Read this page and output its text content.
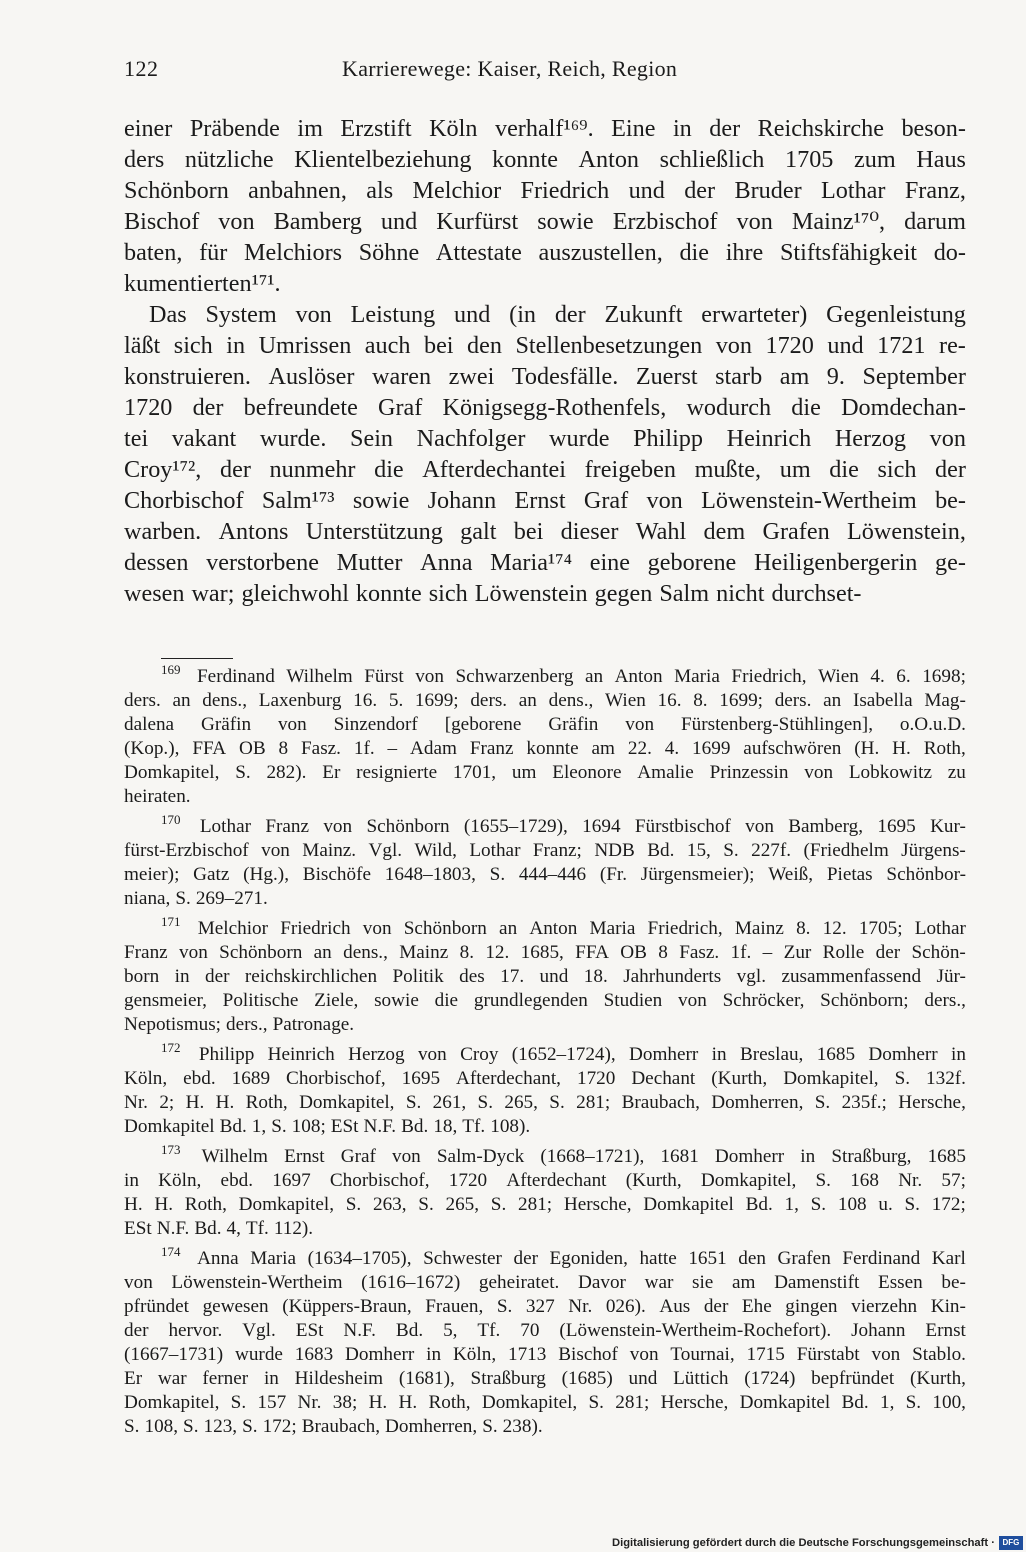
122	Karrierewege: Kaiser, Reich, Region
einer Präbende im Erzstift Köln verhalf¹⁶⁹. Eine in der Reichskirche beson-
ders nützliche Klientelbeziehung konnte Anton schließlich 1705 zum Haus
Schönborn anbahnen, als Melchior Friedrich und der Bruder Lothar Franz,
Bischof von Bamberg und Kurfürst sowie Erzbischof von Mainz¹⁷⁰, darum
baten, für Melchiors Söhne Attestate auszustellen, die ihre Stiftsfähigkeit do-
kumentierten¹⁷¹.
Das System von Leistung und (in der Zukunft erwarteter) Gegenleistung
läßt sich in Umrissen auch bei den Stellenbesetzungen von 1720 und 1721 re-
konstruieren. Auslöser waren zwei Todesfälle. Zuerst starb am 9. September
1720 der befreundete Graf Königsegg-Rothenfels, wodurch die Domdechan-
tei vakant wurde. Sein Nachfolger wurde Philipp Heinrich Herzog von
Croy¹⁷², der nunmehr die Afterdechantei freigeben mußte, um die sich der
Chorbischof Salm¹⁷³ sowie Johann Ernst Graf von Löwenstein-Wertheim be-
warben. Antons Unterstützung galt bei dieser Wahl dem Grafen Löwenstein,
dessen verstorbene Mutter Anna Maria¹⁷⁴ eine geborene Heiligenbergerin ge-
wesen war; gleichwohl konnte sich Löwenstein gegen Salm nicht durchset-
169 Ferdinand Wilhelm Fürst von Schwarzenberg an Anton Maria Friedrich, Wien 4. 6. 1698;
ders. an dens., Laxenburg 16. 5. 1699; ders. an dens., Wien 16. 8. 1699; ders. an Isabella Mag-
dalena Gräfin von Sinzendorf [geborene Gräfin von Fürstenberg-Stühlingen], o.O.u.D.
(Kop.), FFA OB 8 Fasz. 1f. – Adam Franz konnte am 22. 4. 1699 aufschwören (H. H. Roth,
Domkapitel, S. 282). Er resignierte 1701, um Eleonore Amalie Prinzessin von Lobkowitz zu
heiraten.
170 Lothar Franz von Schönborn (1655–1729), 1694 Fürstbischof von Bamberg, 1695 Kur-
fürst-Erzbischof von Mainz. Vgl. Wild, Lothar Franz; NDB Bd. 15, S. 227f. (Friedhelm Jürgens-
meier); Gatz (Hg.), Bischöfe 1648–1803, S. 444–446 (Fr. Jürgensmeier); Weiß, Pietas Schönbor-
niana, S. 269–271.
171 Melchior Friedrich von Schönborn an Anton Maria Friedrich, Mainz 8. 12. 1705; Lothar
Franz von Schönborn an dens., Mainz 8. 12. 1685, FFA OB 8 Fasz. 1f. – Zur Rolle der Schön-
born in der reichskirchlichen Politik des 17. und 18. Jahrhunderts vgl. zusammenfassend Jür-
gensmeier, Politische Ziele, sowie die grundlegenden Studien von Schröcker, Schönborn; ders.,
Nepotismus; ders., Patronage.
172 Philipp Heinrich Herzog von Croy (1652–1724), Domherr in Breslau, 1685 Domherr in
Köln, ebd. 1689 Chorbischof, 1695 Afterdechant, 1720 Dechant (Kurth, Domkapitel, S. 132f.
Nr. 2; H. H. Roth, Domkapitel, S. 261, S. 265, S. 281; Braubach, Domherren, S. 235f.; Hersche,
Domkapitel Bd. 1, S. 108; ESt N.F. Bd. 18, Tf. 108).
173 Wilhelm Ernst Graf von Salm-Dyck (1668–1721), 1681 Domherr in Straßburg, 1685
in Köln, ebd. 1697 Chorbischof, 1720 Afterdechant (Kurth, Domkapitel, S. 168 Nr. 57;
H. H. Roth, Domkapitel, S. 263, S. 265, S. 281; Hersche, Domkapitel Bd. 1, S. 108 u. S. 172;
ESt N.F. Bd. 4, Tf. 112).
174 Anna Maria (1634–1705), Schwester der Egoniden, hatte 1651 den Grafen Ferdinand Karl
von Löwenstein-Wertheim (1616–1672) geheiratet. Davor war sie am Damenstift Essen be-
pfründet gewesen (Küppers-Braun, Frauen, S. 327 Nr. 026). Aus der Ehe gingen vierzehn Kin-
der hervor. Vgl. ESt N.F. Bd. 5, Tf. 70 (Löwenstein-Wertheim-Rochefort). Johann Ernst
(1667–1731) wurde 1683 Domherr in Köln, 1713 Bischof von Tournai, 1715 Fürstabt von Stablo.
Er war ferner in Hildesheim (1681), Straßburg (1685) und Lüttich (1724) bepfründet (Kurth,
Domkapitel, S. 157 Nr. 38; H. H. Roth, Domkapitel, S. 281; Hersche, Domkapitel Bd. 1, S. 100,
S. 108, S. 123, S. 172; Braubach, Domherren, S. 238).
Digitalisierung gefördert durch die Deutsche Forschungsgemeinschaft · DFG
